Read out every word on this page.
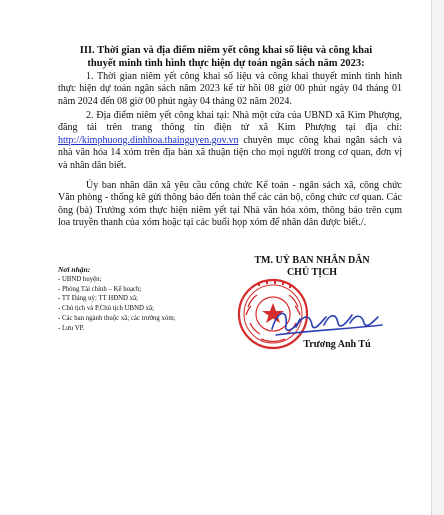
III. Thời gian và địa điểm niêm yết công khai số liệu và công khai
thuyết minh tình hình thực hiện dự toán ngân sách năm 2023:
1. Thời gian niêm yết công khai số liệu và công khai thuyết minh tình hình thực hiện dự toán ngân sách năm 2023 kể từ hồi 08 giờ 00 phút ngày 04 tháng 01 năm 2024 đến 08 giờ 00 phút ngày 04 tháng 02 năm 2024.
2. Địa điểm niêm yết công khai tại: Nhà một cửa của UBND xã Kim Phượng, đăng tải trên trang thông tin điện tử xã Kim Phượng tại địa chỉ: http://kimphuong.dinhhoa.thainguyen.gov.vn chuyên mục công khai ngân sách và nhà văn hóa 14 xóm trên địa bàn xã thuận tiện cho mọi người trong cơ quan, đơn vị và nhân dân biết.
Ủy ban nhân dân xã yêu cầu công chức Kế toán - ngân sách xã, công chức Văn phòng - thống kê gửi thông báo đến toàn thể các cán bộ, công chức cơ quan. Các ông (bà) Trưởng xóm thực hiện niêm yết tại Nhà văn hóa xóm, thông báo trên cụm loa truyền thanh của xóm hoặc tại các buổi họp xóm để nhân dân được biết./.
Nơi nhận:
- UBND huyện;
- Phòng Tài chính – Kế hoạch;
- TT Đảng uỷ; TT HĐND xã;
- Chủ tịch và P.Chủ tịch UBND xã;
- Các ban ngành thuộc xã; các trưởng xóm;
- Lưu VP.
TM. UỶ BAN NHÂN DÂN
CHỦ TỊCH
Trương Anh Tú
